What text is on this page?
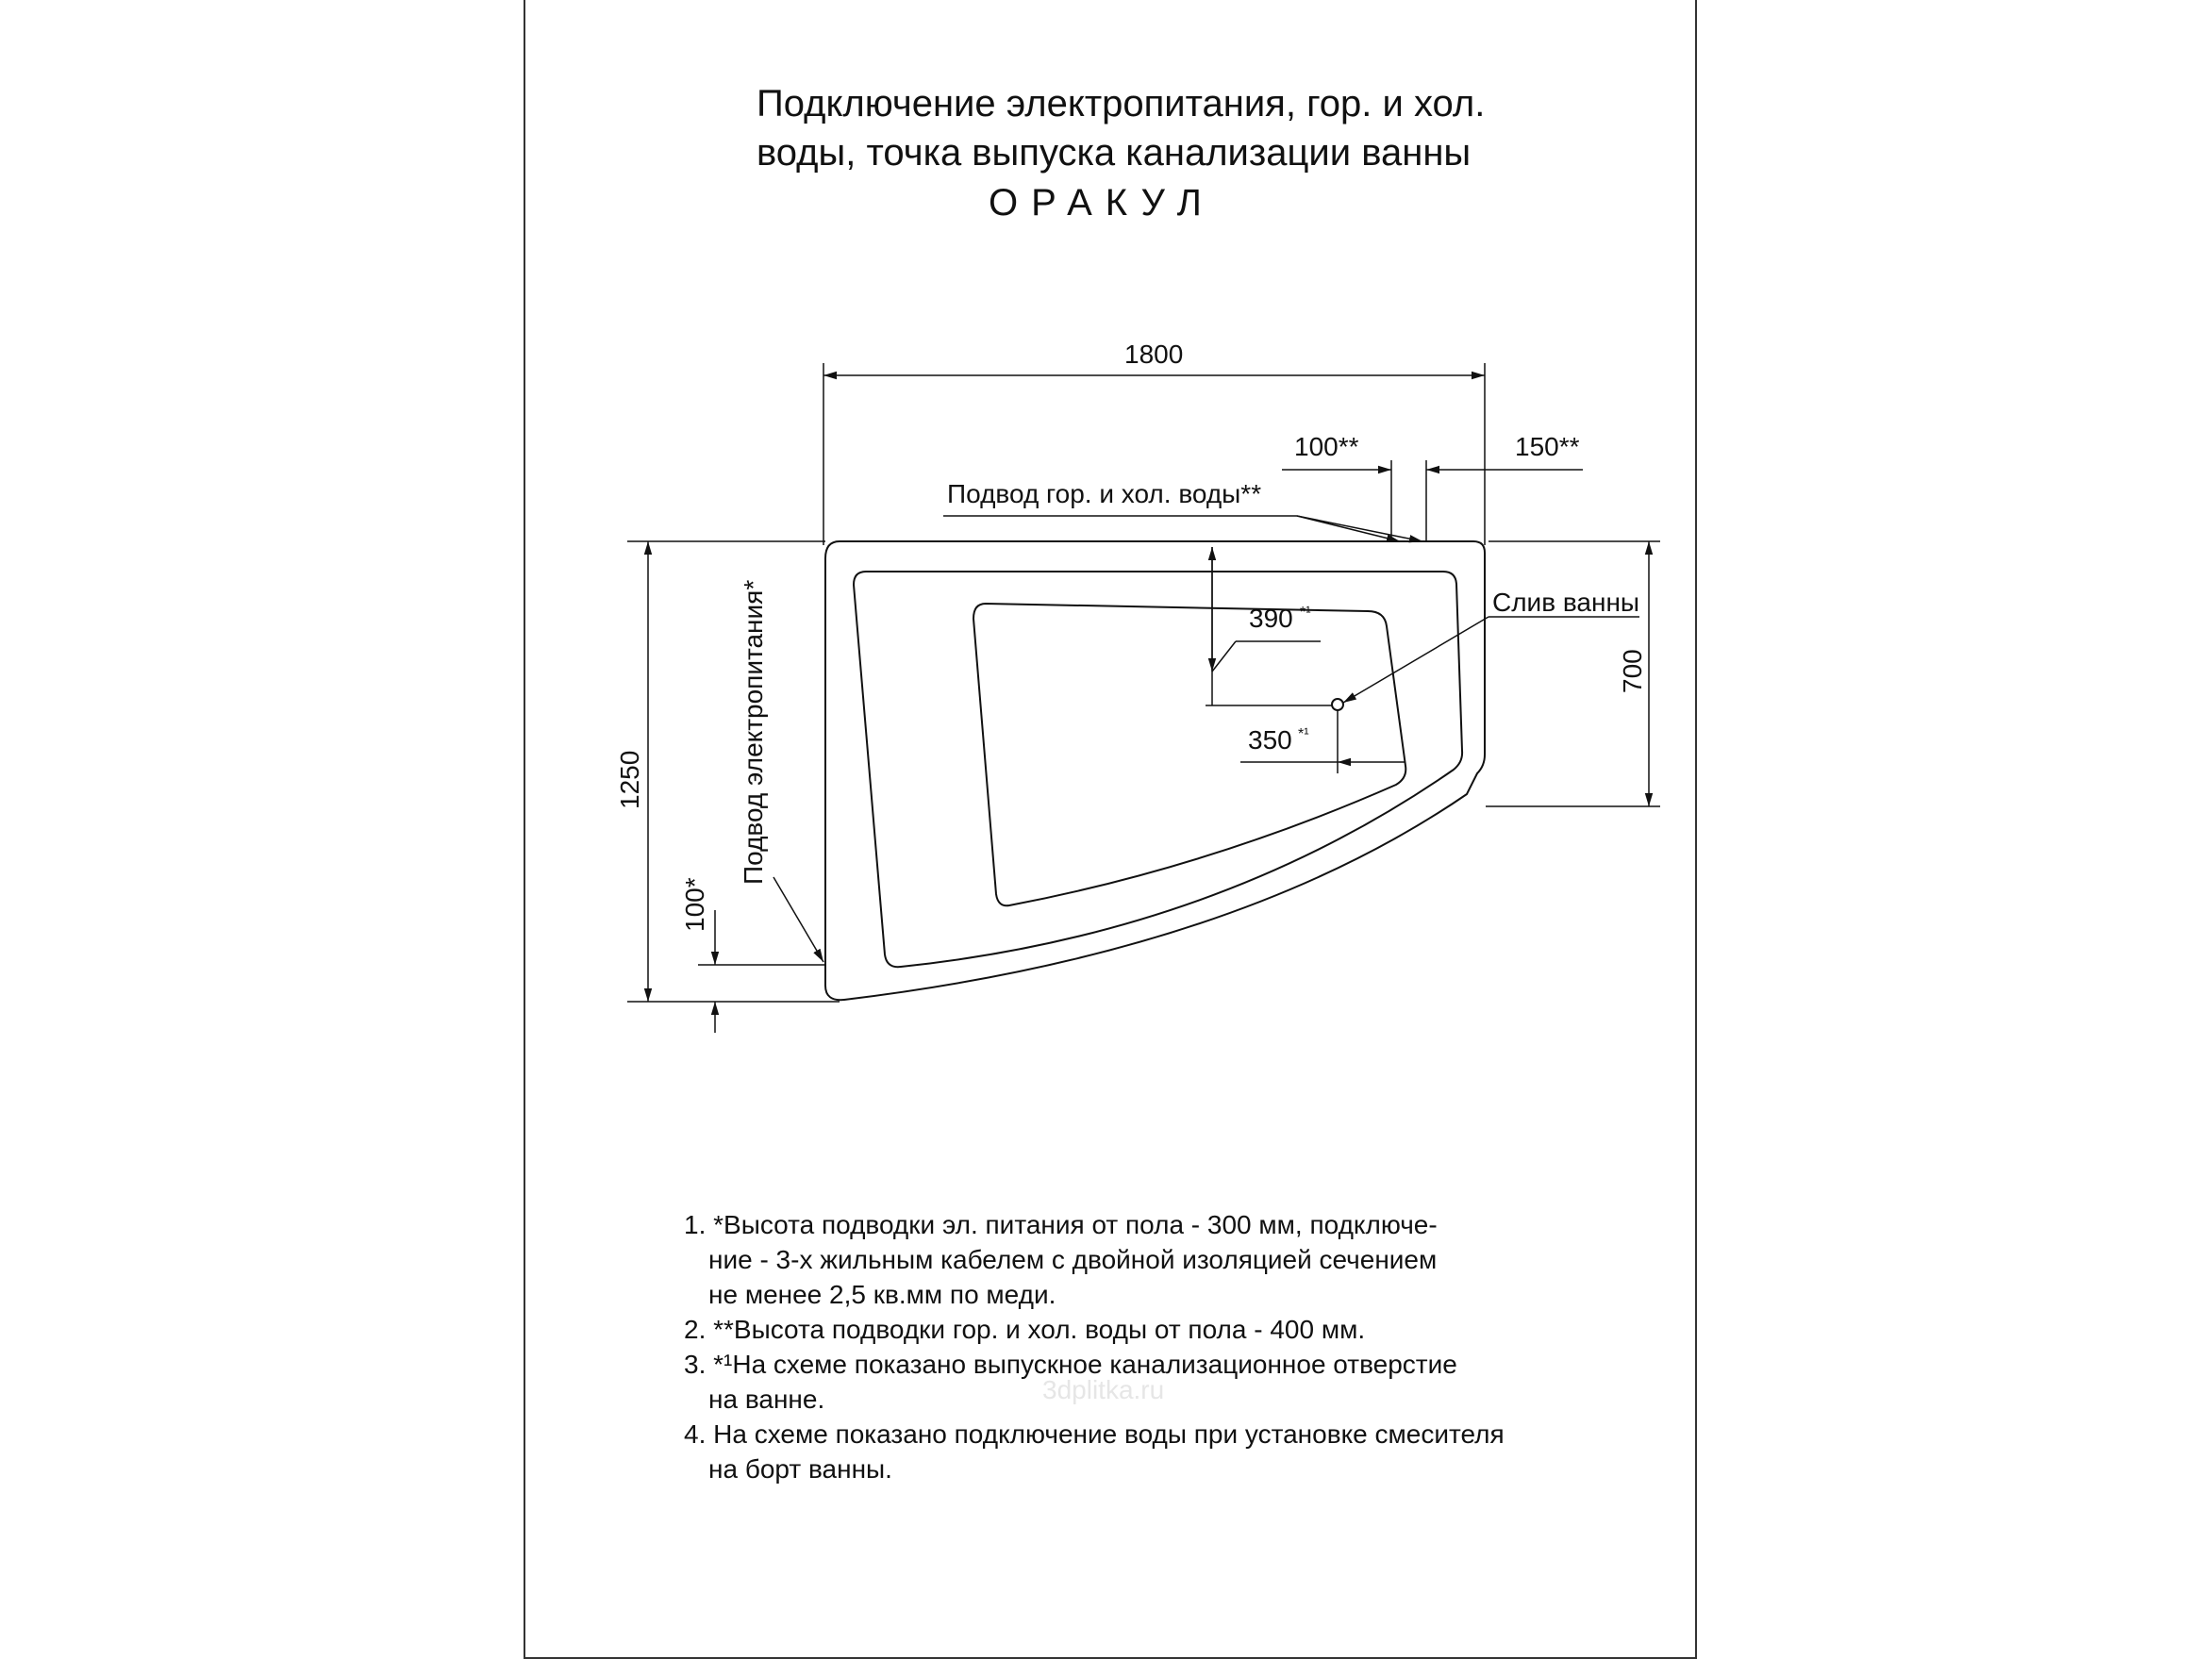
Подключение электропитания, гор. и хол.
воды, точка выпуска канализации ванны
ОРАКУЛ
1800
100**	150**
Подвод гор. и хол. воды**
Слив ванны
390 *¹
350 *¹
700
1250
100*
Подвод электропитания*
1. *Высота подводки эл. питания от пола - 300 мм, подключе-
ние - 3-х жильным кабелем с двойной изоляцией сечением
не менее 2,5 кв.мм по меди.
2. **Высота подводки гор. и хол. воды от пола - 400 мм.
3. *¹На схеме показано выпускное канализационное отверстие
на ванне.
4. На схеме показано подключение воды при установке смесителя
на борт ванны.
3dplitka.ru
